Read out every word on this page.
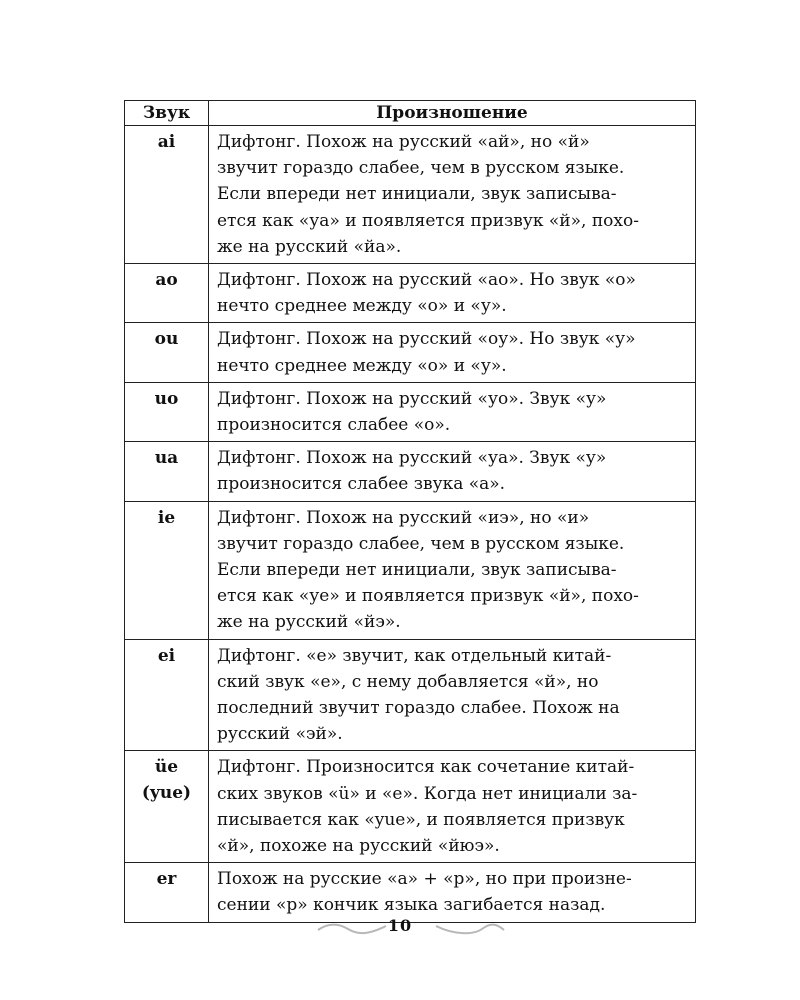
Звук	Произношение

ai	Дифтонг. Похож на русский «ай», но «й»
звучит гораздо слабее, чем в русском языке.
Если впереди нет инициали, звук записыва-
ется как «уа» и появляется призвук «й», похо-
же на русский «йа».

ao	Дифтонг. Похож на русский «ао». Но звук «о»
нечто среднее между «о» и «у».

ou	Дифтонг. Похож на русский «оу». Но звук «у»
нечто среднее между «о» и «у».

uo	Дифтонг. Похож на русский «уо». Звук «у»
произносится слабее «о».

ua	Дифтонг. Похож на русский «уа». Звук «у»
произносится слабее звука «а».

ie	Дифтонг. Похож на русский «иэ», но «и»
звучит гораздо слабее, чем в русском языке.
Если впереди нет инициали, звук записыва-
ется как «уе» и появляется призвук «й», похо-
же на русский «йэ».

ei	Дифтонг. «е» звучит, как отдельный китай-
ский звук «е», с нему добавляется «й», но
последний звучит гораздо слабее. Похож на
русский «эй».

üe
(yue)	Дифтонг. Произносится как сочетание китай-
ских звуков «ü» и «е». Когда нет инициали за-
писывается как «yue», и появляется призвук
«й», похоже на русский «йюэ».

er	Похож на русские «а» + «р», но при произне-
сении «р» кончик языка загибается назад.
10
